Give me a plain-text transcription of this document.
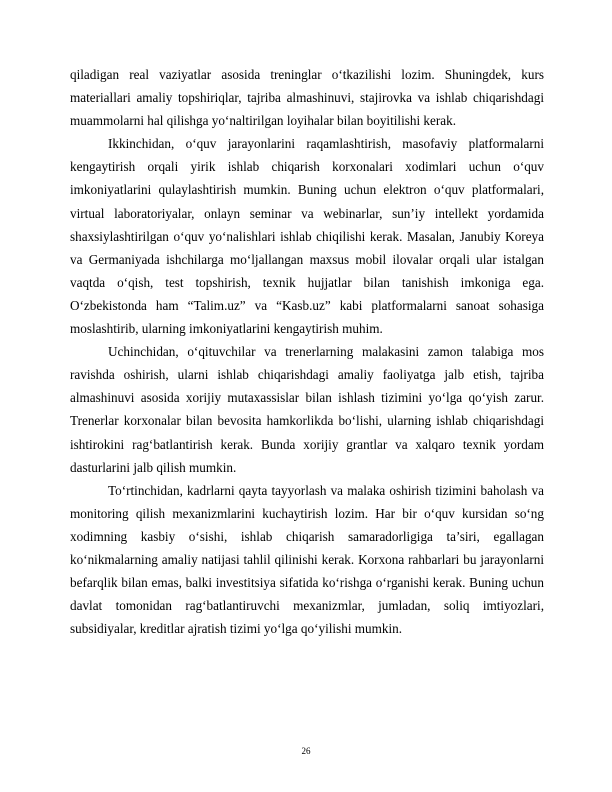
qiladigan real vaziyatlar asosida treninglar o‘tkazilishi lozim. Shuningdek, kurs materiallari amaliy topshiriqlar, tajriba almashinuvi, stajirovka va ishlab chiqarishdagi muammolarni hal qilishga yo‘naltirilgan loyihalar bilan boyitilishi kerak.

Ikkinchidan, o‘quv jarayonlarini raqamlashtirish, masofaviy platformalarni kengaytirish orqali yirik ishlab chiqarish korxonalari xodimlari uchun o‘quv imkoniyatlarini qulaylashtirish mumkin. Buning uchun elektron o‘quv platformalari, virtual laboratoriyalar, onlayn seminar va webinarlar, sun’iy intellekt yordamida shaxsiylashtirilgan o‘quv yo‘nalishlari ishlab chiqilishi kerak. Masalan, Janubiy Koreya va Germaniyada ishchilarga mo‘ljallangan maxsus mobil ilovalar orqali ular istalgan vaqtda o‘qish, test topshirish, texnik hujjatlar bilan tanishish imkoniga ega. O‘zbekistonda ham “Talim.uz” va “Kasb.uz” kabi platformalarni sanoat sohasiga moslashtirib, ularning imkoniyatlarini kengaytirish muhim.

Uchinchidan, o‘qituvchilar va trenerlarning malakasini zamon talabiga mos ravishda oshirish, ularni ishlab chiqarishdagi amaliy faoliyatga jalb etish, tajriba almashinuvi asosida xorijiy mutaxassislar bilan ishlash tizimini yo‘lga qo‘yish zarur. Trenerlar korxonalar bilan bevosita hamkorlikda bo‘lishi, ularning ishlab chiqarishdagi ishtirokini rag‘batlantirish kerak. Bunda xorijiy grantlar va xalqaro texnik yordam dasturlarini jalb qilish mumkin.

To‘rtinchidan, kadrlarni qayta tayyorlash va malaka oshirish tizimini baholash va monitoring qilish mexanizmlarini kuchaytirish lozim. Har bir o‘quv kursidan so‘ng xodimning kasbiy o‘sishi, ishlab chiqarish samaradorligiga ta’siri, egallagan ko‘nikmalarning amaliy natijasi tahlil qilinishi kerak. Korxona rahbarlari bu jarayonlarni befarqlik bilan emas, balki investitsiya sifatida ko‘rishga o‘rganishi kerak. Buning uchun davlat tomonidan rag‘batlantiruvchi mexanizmlar, jumladan, soliq imtiyozlari, subsidiyalar, kreditlar ajratish tizimi yo‘lga qo‘yilishi mumkin.

26
